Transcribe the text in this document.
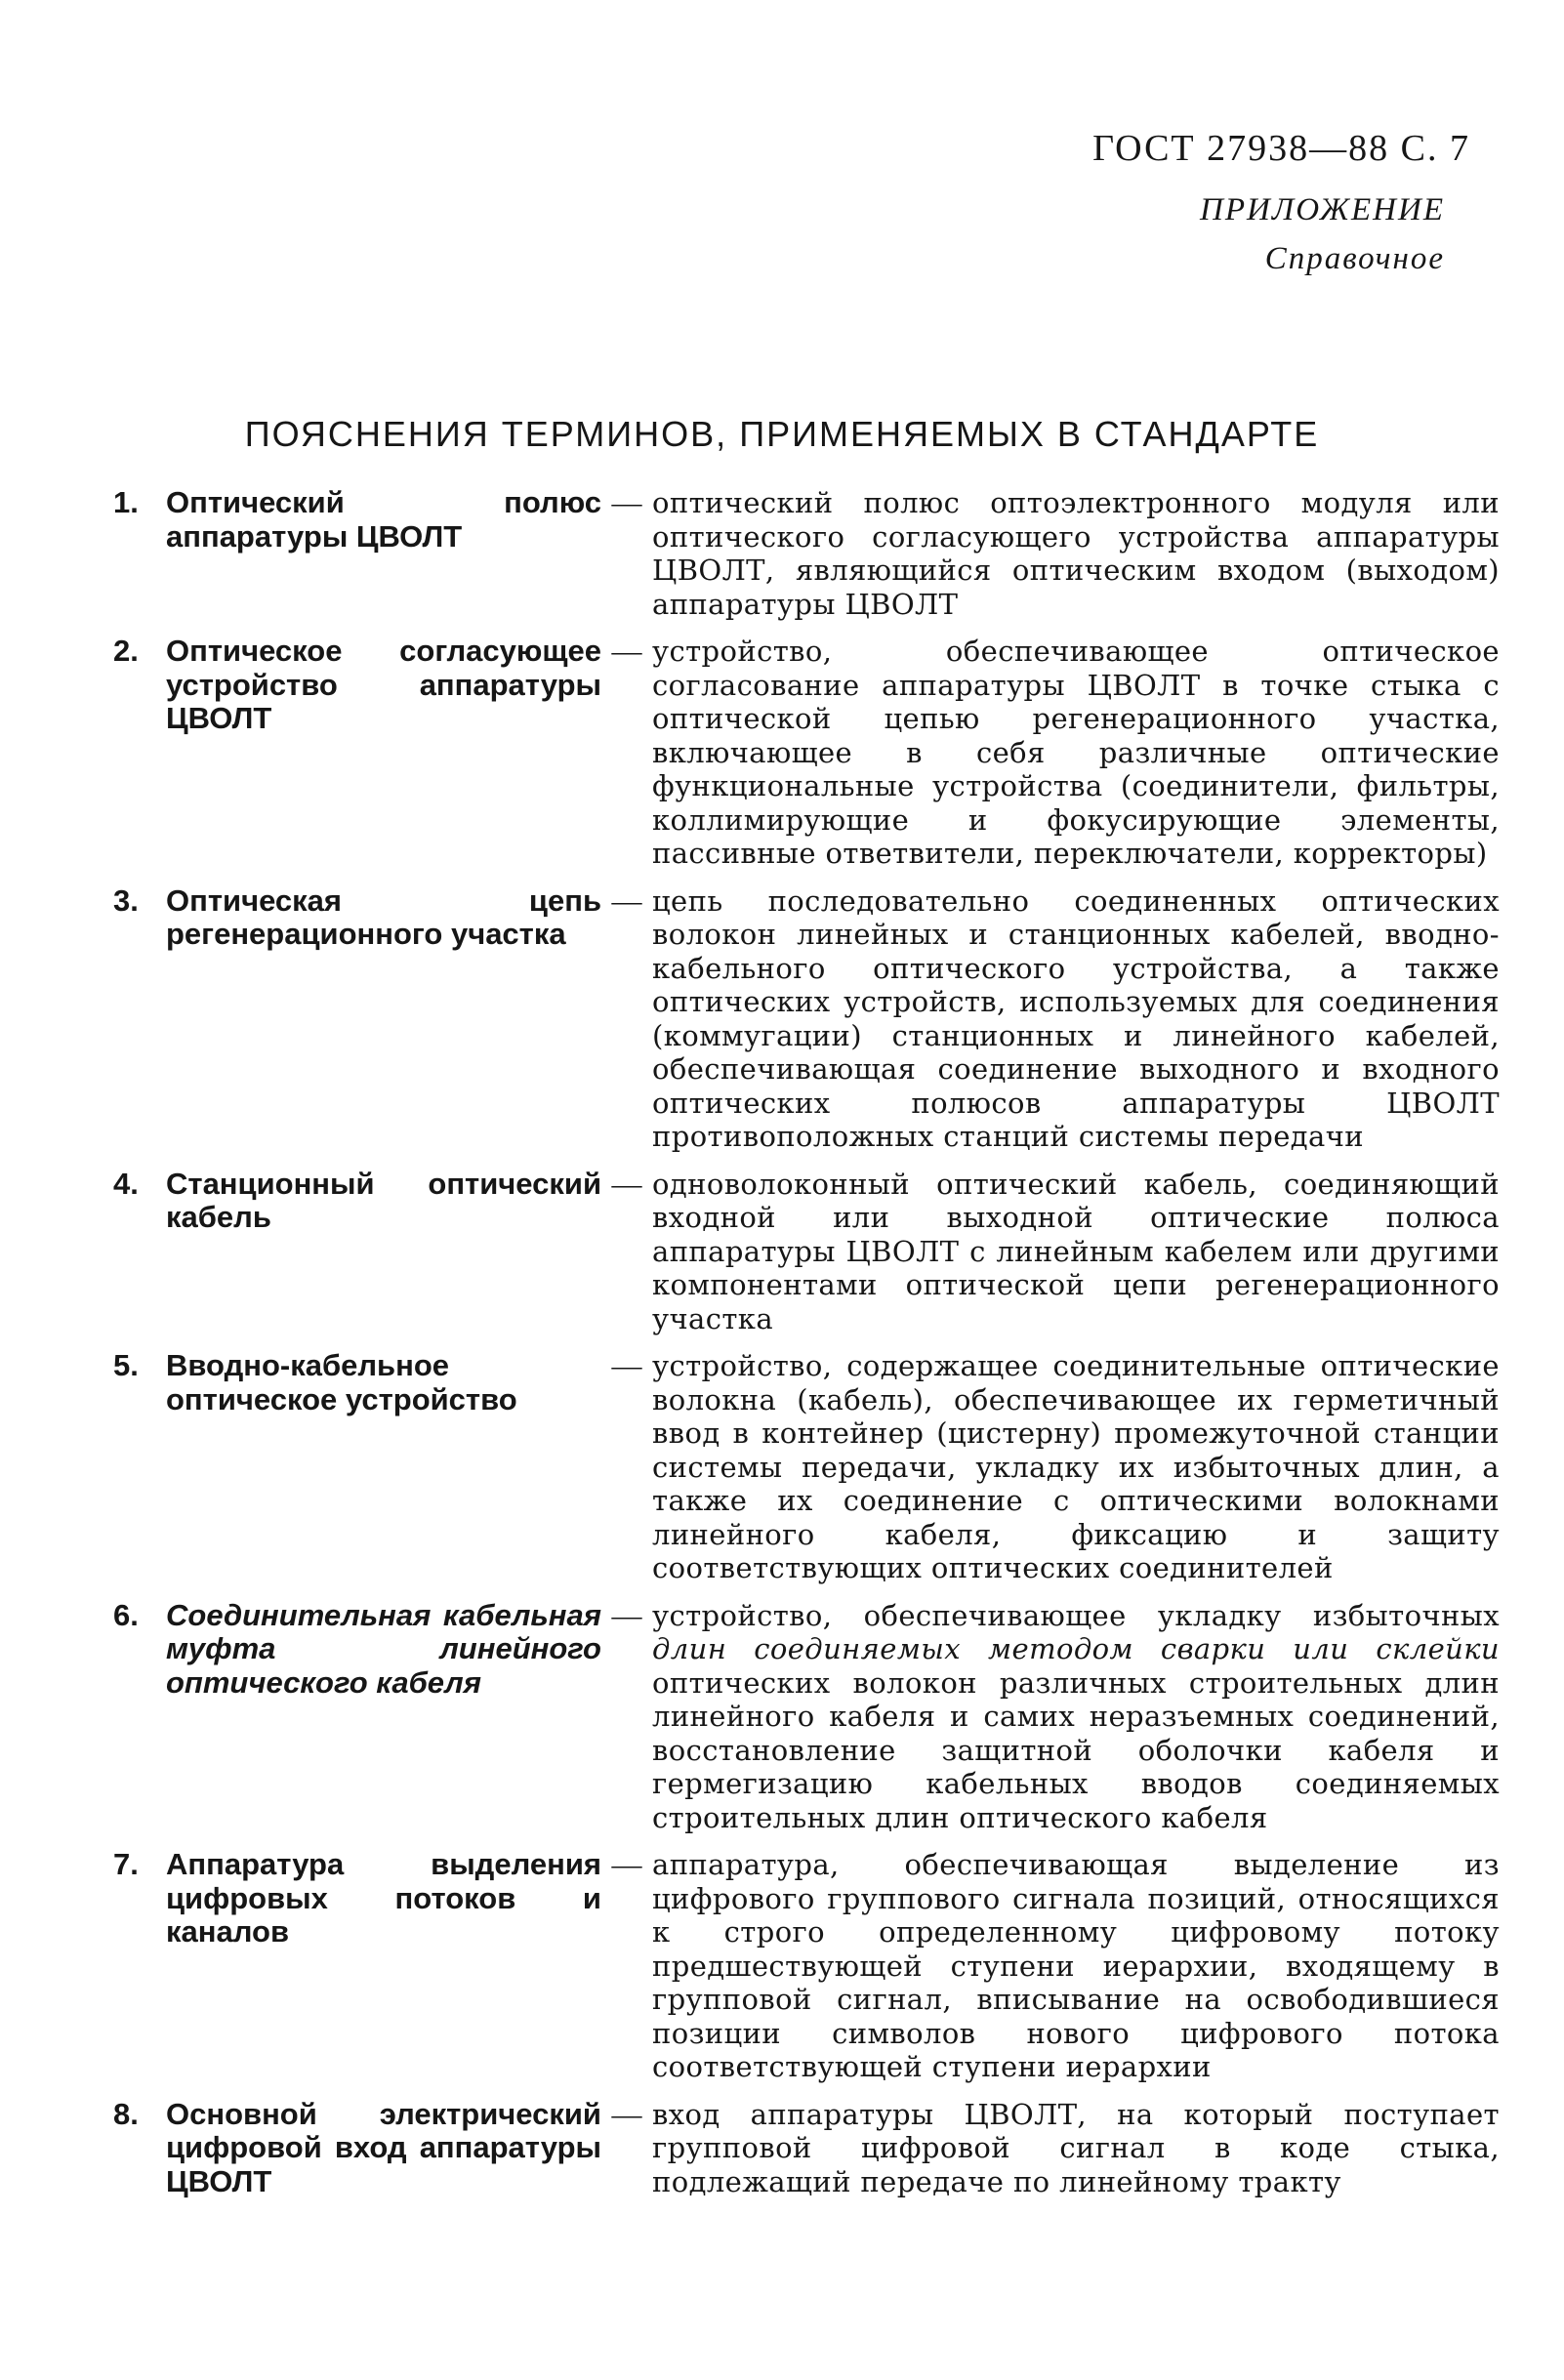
ГОСТ 27938—88 С. 7
ПРИЛОЖЕНИЕ
Справочное
ПОЯСНЕНИЯ ТЕРМИНОВ, ПРИМЕНЯЕМЫХ В СТАНДАРТЕ
1. Оптический полюс аппаратуры ЦВОЛТ
— оптический полюс оптоэлектронного модуля или оптического согласующего устройства аппаратуры ЦВОЛТ, являющийся оптическим входом (выходом) аппаратуры ЦВОЛТ
2. Оптическое согласующее устройство аппаратуры ЦВОЛТ
— устройство, обеспечивающее оптическое согласование аппаратуры ЦВОЛТ в точке стыка с оптической цепью регенерационного участка, включающее в себя различные оптические функциональные устройства (соединители, фильтры, коллимирующие и фокусирующие элементы, пассивные ответвители, переключатели, корректоры)
3. Оптическая цепь регенерационного участка
— цепь последовательно соединенных оптических волокон линейных и станционных кабелей, вводно-кабельного оптического устройства, а также оптических устройств, используемых для соединения (коммугации) станционных и линейного кабелей, обеспечивающая соединение выходного и входного оптических полюсов аппаратуры ЦВОЛТ противоположных станций системы передачи
4. Станционный оптический кабель
— одноволоконный оптический кабель, соединяющий входной или выходной оптические полюса аппаратуры ЦВОЛТ с линейным кабелем или другими компонентами оптической цепи регенерационного участка
5. Вводно-кабельное оптическое устройство
— устройство, содержащее соединительные оптические волокна (кабель), обеспечивающее их герметичный ввод в контейнер (цистерну) промежуточной станции системы передачи, укладку их избыточных длин, а также их соединение с оптическими волокнами линейного кабеля, фиксацию и защиту соответствующих оптических соединителей
6. Соединительная кабельная муфта линейного оптического кабеля
— устройство, обеспечивающее укладку избыточных длин соединяемых методом сварки или склейки оптических волокон различных строительных длин линейного кабеля и самих неразъемных соединений, восстановление защитной оболочки кабеля и гермегизацию кабельных вводов соединяемых строительных длин оптического кабеля
7. Аппаратура выделения цифровых потоков и каналов
— аппаратура, обеспечивающая выделение из цифрового группового сигнала позиций, относящихся к строго определенному цифровому потоку предшествующей ступени иерархии, входящему в групповой сигнал, вписывание на освободившиеся позиции символов нового цифрового потока соответствующей ступени иерархии
8. Основной электрический цифровой вход аппаратуры ЦВОЛТ
— вход аппаратуры ЦВОЛТ, на который поступает групповой цифровой сигнал в коде стыка, подлежащий передаче по линейному тракту
